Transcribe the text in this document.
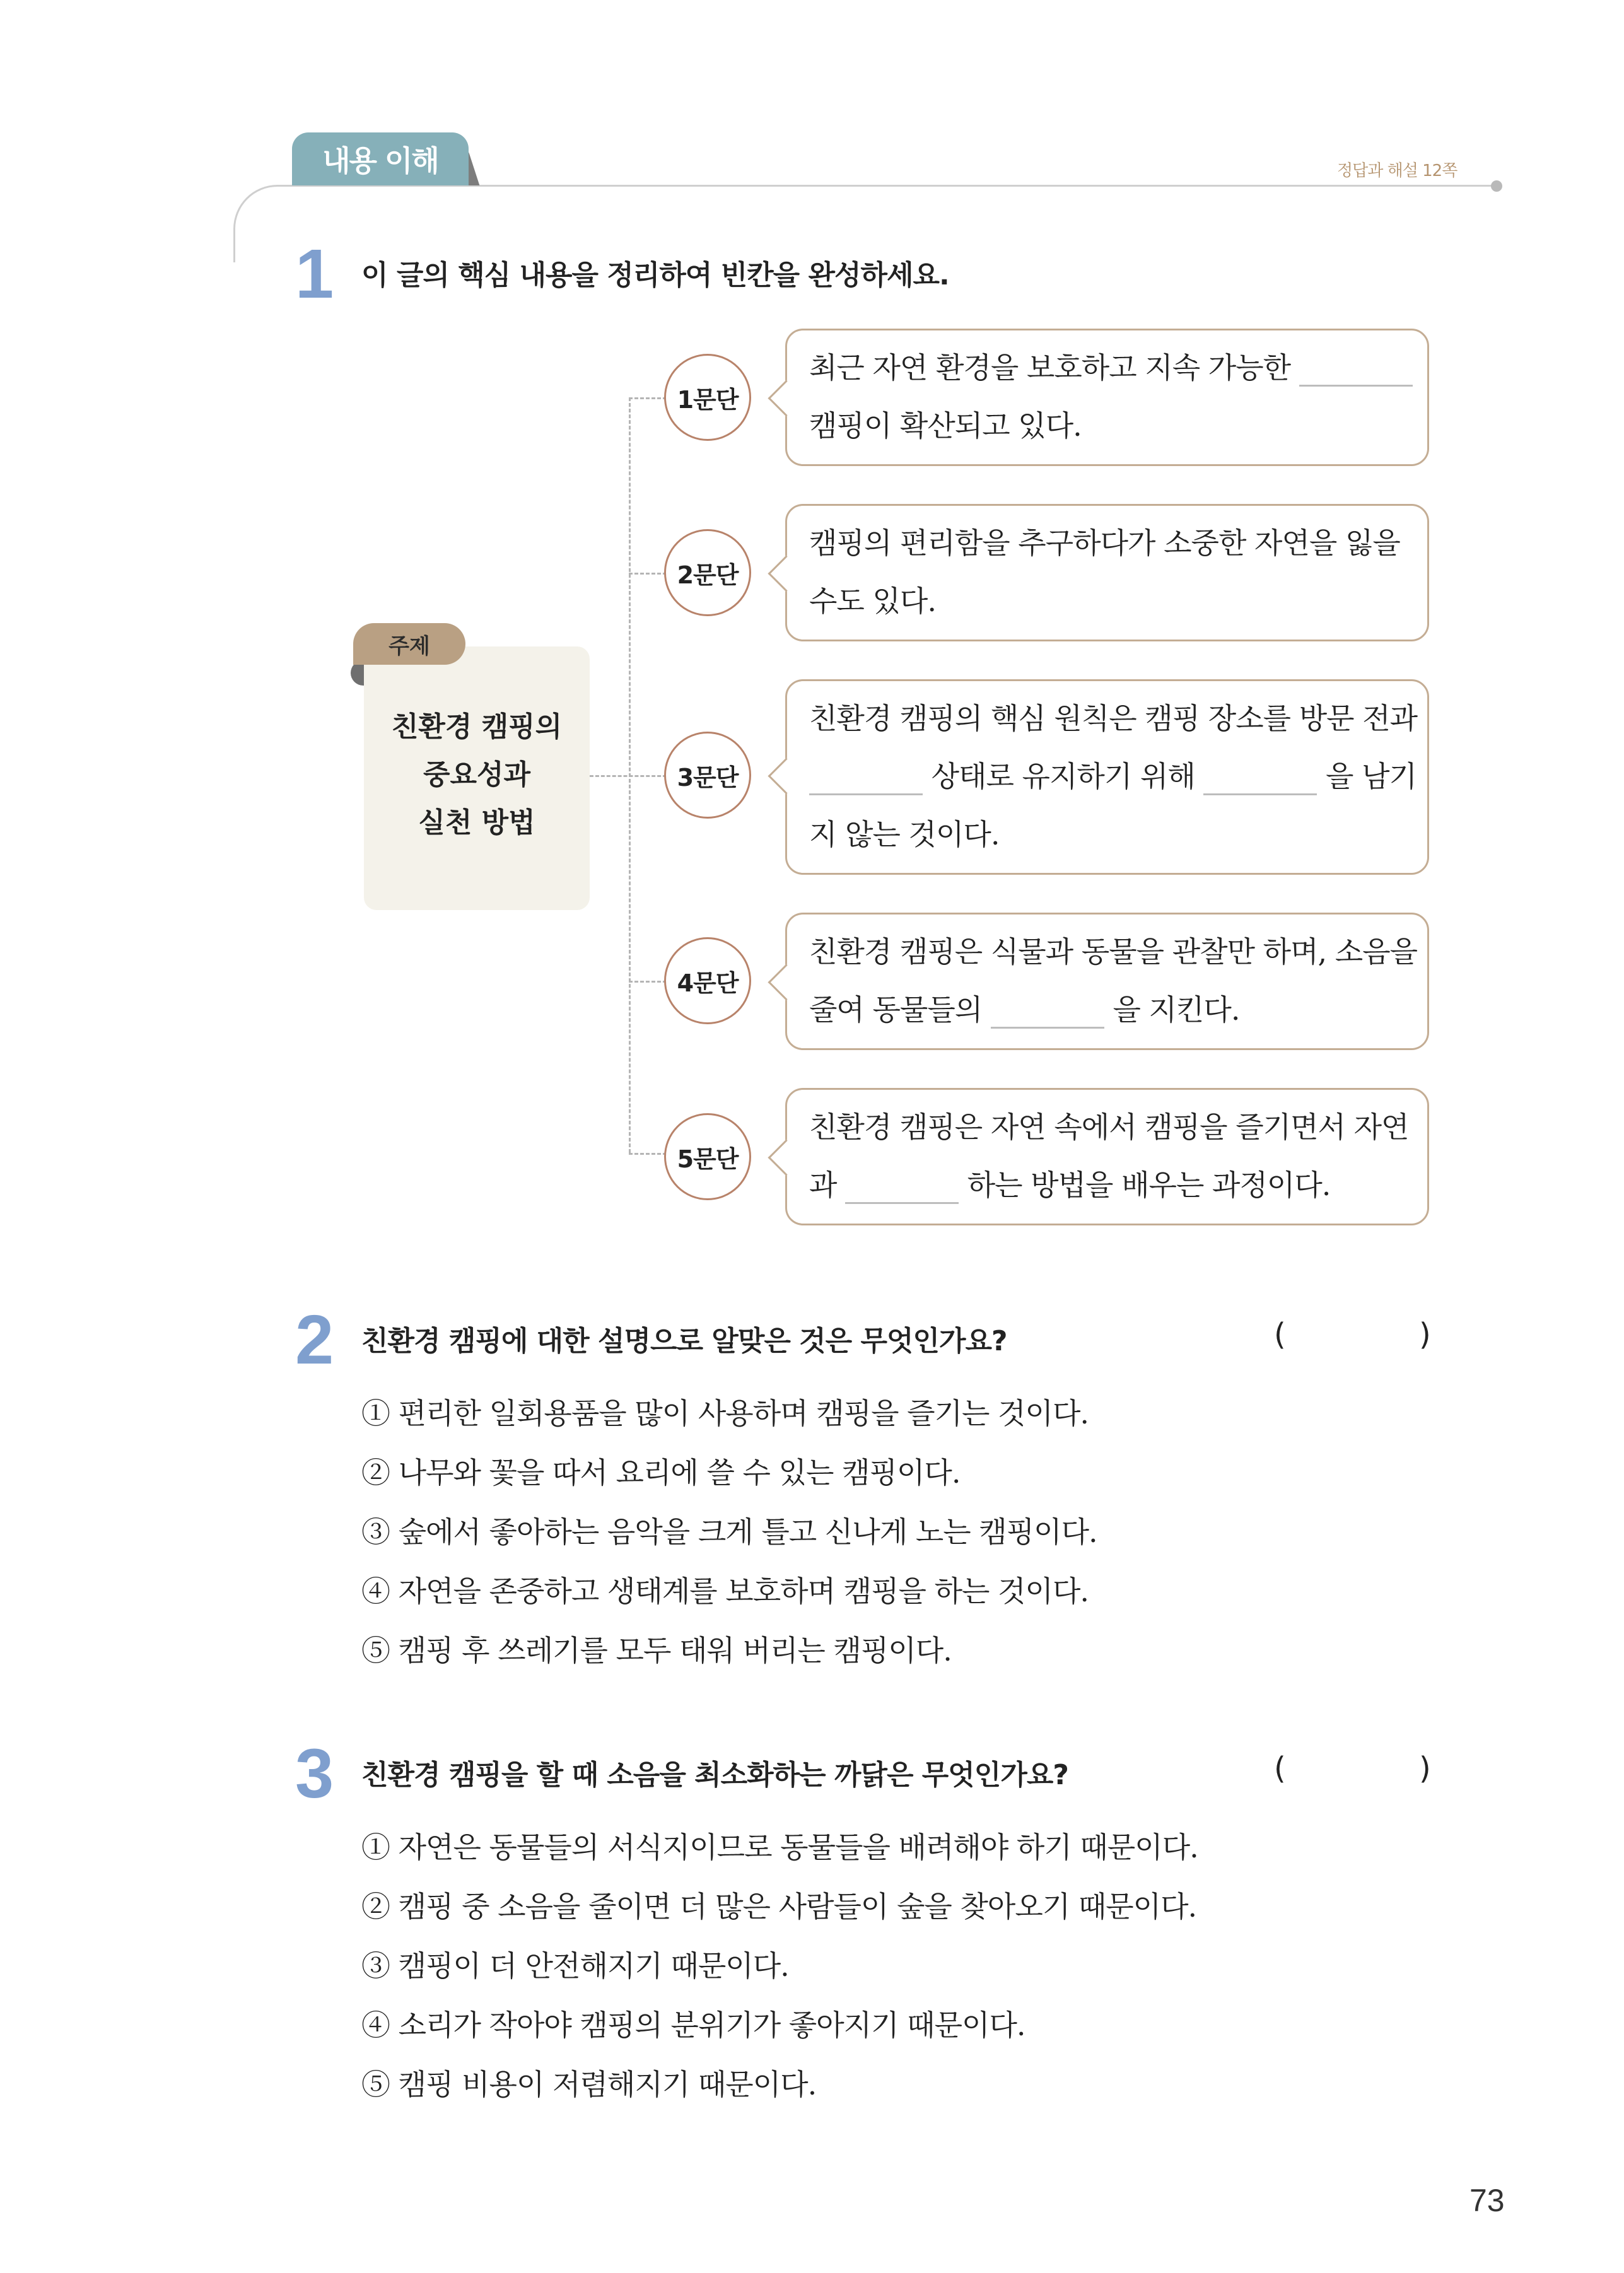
내용 이해	정답과 해설 12쪽
1 이 글의 핵심 내용을 정리하여 빈칸을 완성하세요.
주제
친환경 캠핑의
중요성과
실천 방법
1문단
최근 자연 환경을 보호하고 지속 가능한
캠핑이 확산되고 있다.
2문단
캠핑의 편리함을 추구하다가 소중한 자연을 잃을
수도 있다.
3문단
친환경 캠핑의 핵심 원칙은 캠핑 장소를 방문 전과
상태로 유지하기 위해	을 남기
지 않는 것이다.
4문단
친환경 캠핑은 식물과 동물을 관찰만 하며, 소음을
줄여 동물들의	을 지킨다.
5문단
친환경 캠핑은 자연 속에서 캠핑을 즐기면서 자연
과	하는 방법을 배우는 과정이다.
2 친환경 캠핑에 대한 설명으로 알맞은 것은 무엇인가요?	(	)
① 편리한 일회용품을 많이 사용하며 캠핑을 즐기는 것이다.
② 나무와 꽃을 따서 요리에 쓸 수 있는 캠핑이다.
③ 숲에서 좋아하는 음악을 크게 틀고 신나게 노는 캠핑이다.
④ 자연을 존중하고 생태계를 보호하며 캠핑을 하는 것이다.
⑤ 캠핑 후 쓰레기를 모두 태워 버리는 캠핑이다.
3 친환경 캠핑을 할 때 소음을 최소화하는 까닭은 무엇인가요?	(	)
① 자연은 동물들의 서식지이므로 동물들을 배려해야 하기 때문이다.
② 캠핑 중 소음을 줄이면 더 많은 사람들이 숲을 찾아오기 때문이다.
③ 캠핑이 더 안전해지기 때문이다.
④ 소리가 작아야 캠핑의 분위기가 좋아지기 때문이다.
⑤ 캠핑 비용이 저렴해지기 때문이다.
73
